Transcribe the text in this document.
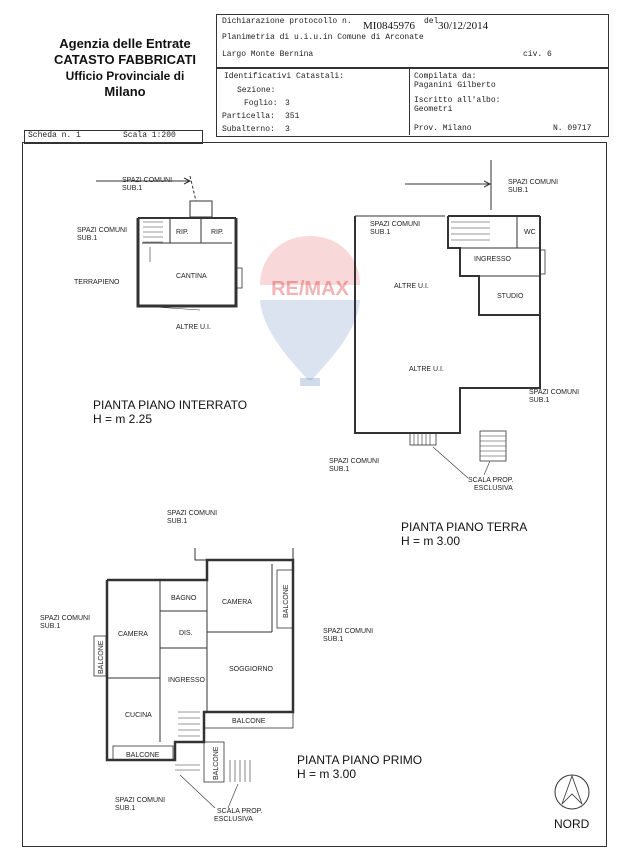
Agenzia delle Entrate
CATASTO FABBRICATI
Ufficio Provinciale di
Milano
Dichiarazione protocollo n. MI0845976 del 30/12/2014
Planimetria di u.i.u.in Comune di Arconate
Largo Monte Bernina	civ. 6
Identificativi Catastali:
Sezione:
Foglio: 3
Particella: 351
Subalterno: 3
Compilata da:
Paganini Gilberto
Iscritto all'albo:
Geometri
Prov. Milano	N. 09717
Scheda n. 1	Scala 1:200
RE/MAX
SPAZI COMUNI
SUB.1
SPAZI COMUNI
SUB.1
RIP.	RIP.
CANTINA
TERRAPIENO
ALTRE U.I.
SPAZI COMUNI
SUB.1
SPAZI COMUNI
SUB.1	WC
INGRESSO
STUDIO
ALTRE U.I.
ALTRE U.I.
SPAZI COMUNI
SUB.1
SPAZI COMUNI
SUB.1
SCALA PROP.
ESCLUSIVA
SPAZI COMUNI
SUB.1
SPAZI COMUNI
SUB.1
SPAZI COMUNI
SUB.1
BAGNO
CAMERA
CAMERA	DIS.
SOGGIORNO
INGRESSO
CUCINA
BALCONE
BALCONE
BALCONE
BALCONE
BALCONE
SPAZI COMUNI
SUB.1	SCALA PROP.
ESCLUSIVA
PIANTA PIANO INTERRATO
H = m 2.25
PIANTA PIANO TERRA
H = m 3.00
PIANTA PIANO PRIMO
H = m 3.00
NORD
